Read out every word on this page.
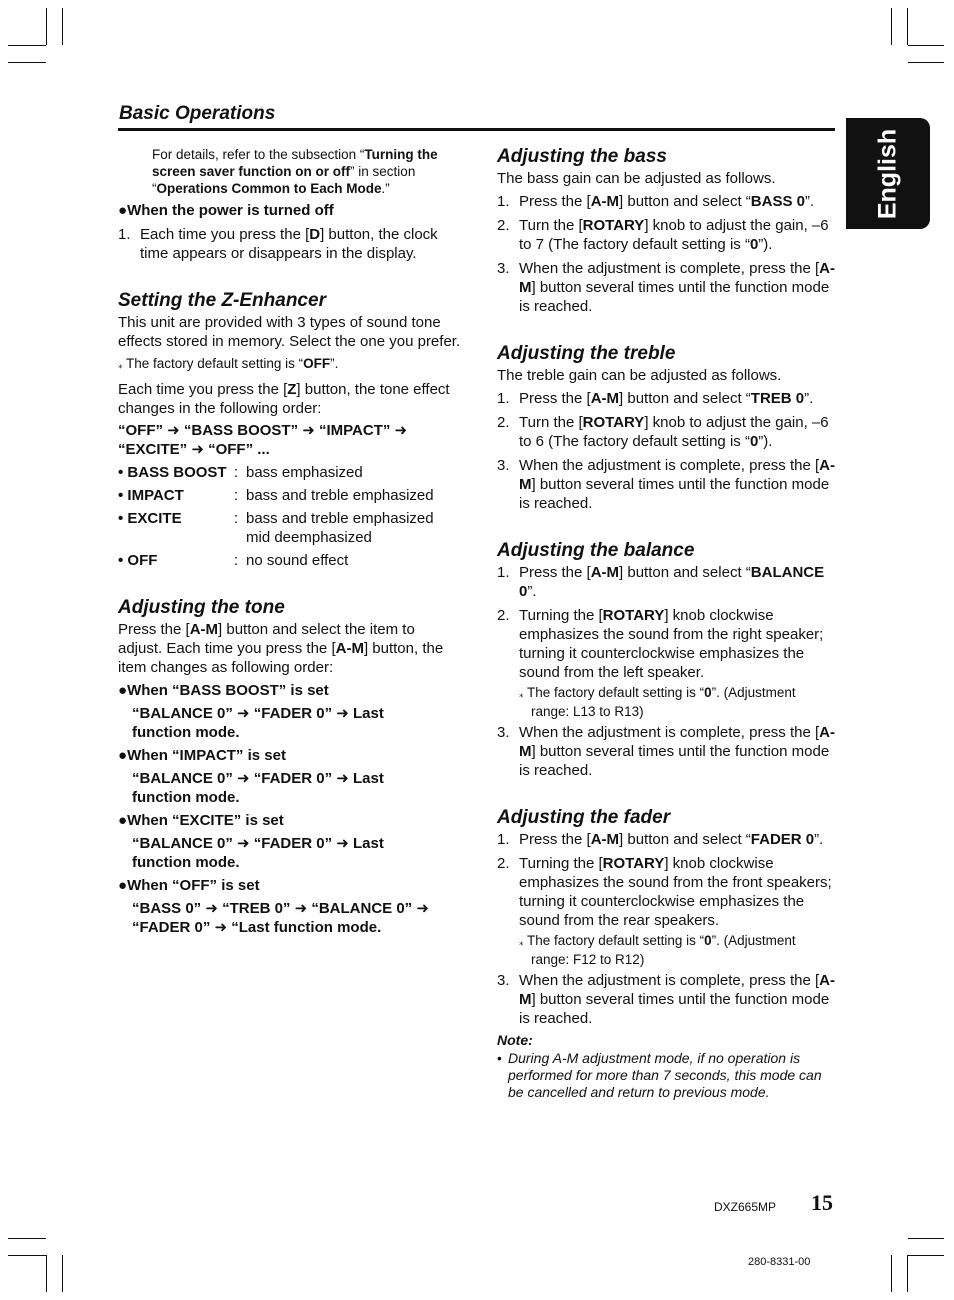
Basic Operations
English
For details, refer to the subsection “Turning the screen saver function on or off” in section “Operations Common to Each Mode.”
●When the power is turned off
1. Each time you press the [D] button, the clock time appears or disappears in the display.
Setting the Z-Enhancer

This unit are provided with 3 types of sound tone effects stored in memory. Select the one you prefer.

⁎ The factory default setting is “OFF”.

Each time you press the [Z] button, the tone effect changes in the following order:

“OFF” ➜ “BASS BOOST” ➜ “IMPACT” ➜
“EXCITE” ➜ “OFF” ...
• BASS BOOST : bass emphasized
• IMPACT	: bass and treble emphasized
• EXCITE	: bass and treble emphasized mid deemphasized
• OFF	: no sound effect
Adjusting the tone

Press the [A-M] button and select the item to adjust. Each time you press the [A-M] button, the item changes as following order:

●When “BASS BOOST” is set
“BALANCE 0” ➜ “FADER 0” ➜ Last
function mode.
●When “IMPACT” is set
“BALANCE 0” ➜ “FADER 0” ➜ Last
function mode.
●When “EXCITE” is set
“BALANCE 0” ➜ “FADER 0” ➜ Last
function mode.
●When “OFF” is set
“BASS 0” ➜ “TREB 0” ➜ “BALANCE 0” ➜
“FADER 0” ➜ “Last function mode.
Adjusting the bass

The bass gain can be adjusted as follows.

1. Press the [A-M] button and select “BASS 0”.
2. Turn the [ROTARY] knob to adjust the gain, –6 to 7 (The factory default setting is “0”).
3. When the adjustment is complete, press the [A-M] button several times until the function mode is reached.
Adjusting the treble

The treble gain can be adjusted as follows.

1. Press the [A-M] button and select “TREB 0”.
2. Turn the [ROTARY] knob to adjust the gain, –6 to 6 (The factory default setting is “0”).
3. When the adjustment is complete, press the [A-M] button several times until the function mode is reached.
Adjusting the balance
1. Press the [A-M] button and select “BALANCE 0”.
2. Turning the [ROTARY] knob clockwise emphasizes the sound from the right speaker; turning it counterclockwise emphasizes the sound from the left speaker.
⁎ The factory default setting is “0”. (Adjustment range: L13 to R13)
3. When the adjustment is complete, press the [A-M] button several times until the function mode is reached.
Adjusting the fader
1. Press the [A-M] button and select “FADER 0”.
2. Turning the [ROTARY] knob clockwise emphasizes the sound from the front speakers; turning it counterclockwise emphasizes the sound from the rear speakers.
⁎ The factory default setting is “0”. (Adjustment range: F12 to R12)
3. When the adjustment is complete, press the [A-M] button several times until the function mode is reached.
Note:
• During A-M adjustment mode, if no operation is performed for more than 7 seconds, this mode can be cancelled and return to previous mode.
DXZ665MP 15
280-8331-00
